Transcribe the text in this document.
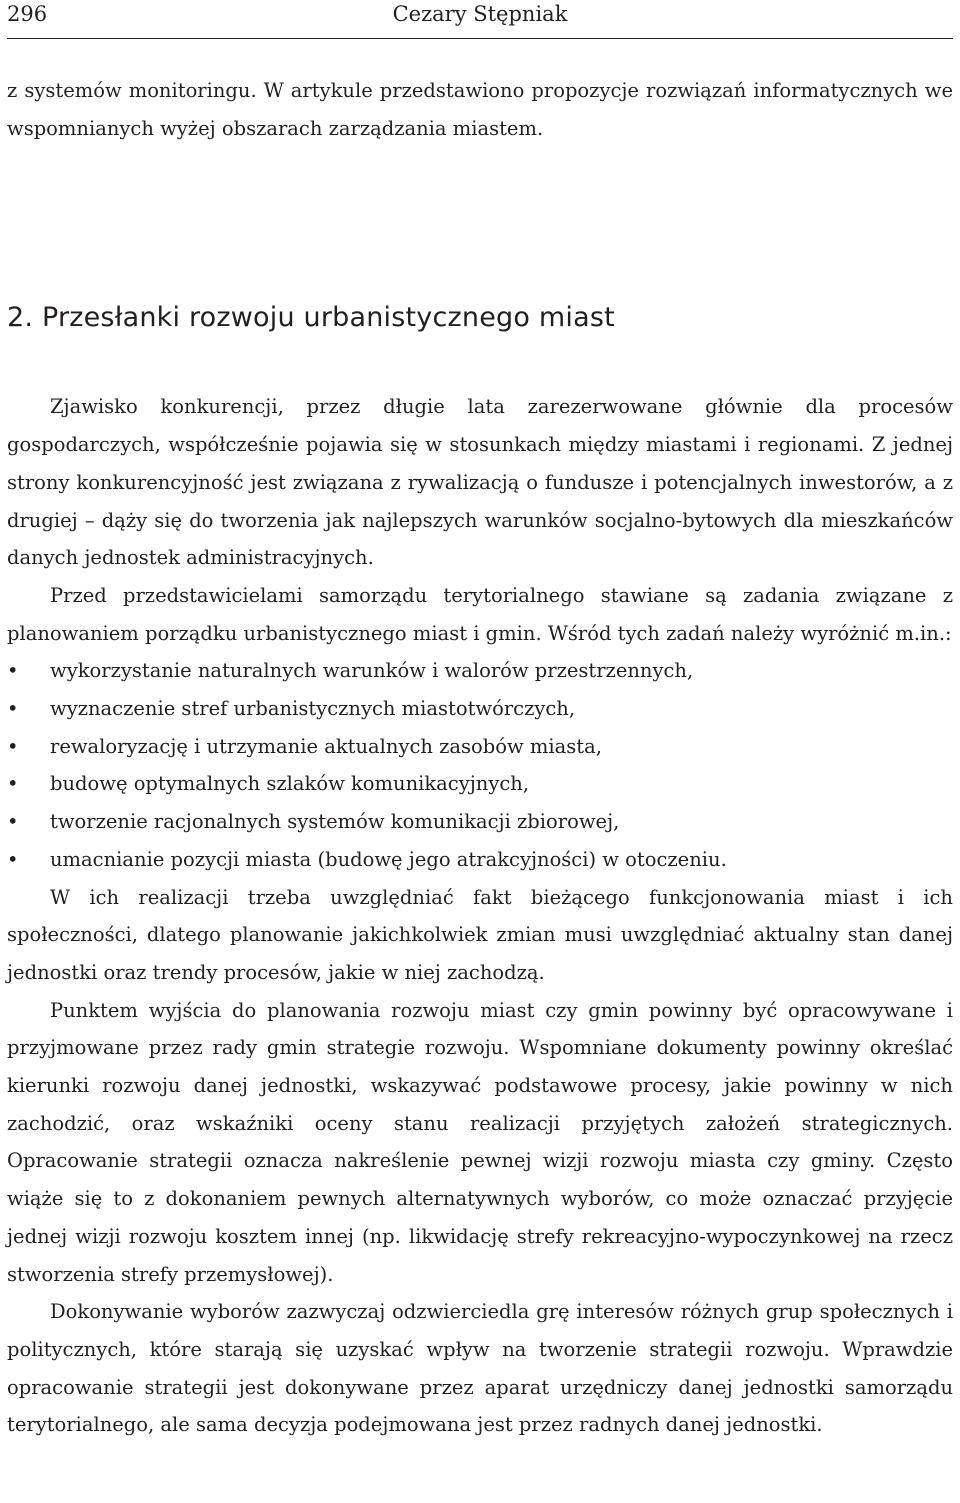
296	Cezary Stępniak

z systemów monitoringu. W artykule przedstawiono propozycje rozwiązań informatycznych we wspomnianych wyżej obszarach zarządzania miastem.

2. Przesłanki rozwoju urbanistycznego miast

Zjawisko konkurencji, przez długie lata zarezerwowane głównie dla procesów gospodarczych, współcześnie pojawia się w stosunkach między miastami i regionami. Z jednej strony konkurencyjność jest związana z rywalizacją o fundusze i potencjalnych inwestorów, a z drugiej – dąży się do tworzenia jak najlepszych warunków socjalno-bytowych dla mieszkańców danych jednostek administracyjnych.

Przed przedstawicielami samorządu terytorialnego stawiane są zadania związane z planowaniem porządku urbanistycznego miast i gmin. Wśród tych zadań należy wyróżnić m.in.:

• wykorzystanie naturalnych warunków i walorów przestrzennych,
• wyznaczenie stref urbanistycznych miastotwórczych,
• rewaloryzację i utrzymanie aktualnych zasobów miasta,
• budowę optymalnych szlaków komunikacyjnych,
• tworzenie racjonalnych systemów komunikacji zbiorowej,
• umacnianie pozycji miasta (budowę jego atrakcyjności) w otoczeniu.

W ich realizacji trzeba uwzględniać fakt bieżącego funkcjonowania miast i ich społeczności, dlatego planowanie jakichkolwiek zmian musi uwzględniać aktualny stan danej jednostki oraz trendy procesów, jakie w niej zachodzą.

Punktem wyjścia do planowania rozwoju miast czy gmin powinny być opracowywane i przyjmowane przez rady gmin strategie rozwoju. Wspomniane dokumenty powinny określać kierunki rozwoju danej jednostki, wskazywać podstawowe procesy, jakie powinny w nich zachodzić, oraz wskaźniki oceny stanu realizacji przyjętych założeń strategicznych. Opracowanie strategii oznacza nakreślenie pewnej wizji rozwoju miasta czy gminy. Często wiąże się to z dokonaniem pewnych alternatywnych wyborów, co może oznaczać przyjęcie jednej wizji rozwoju kosztem innej (np. likwidację strefy rekreacyjno-wypoczynkowej na rzecz stworzenia strefy przemysłowej).

Dokonywanie wyborów zazwyczaj odzwierciedla grę interesów różnych grup społecznych i politycznych, które starają się uzyskać wpływ na tworzenie strategii rozwoju. Wprawdzie opracowanie strategii jest dokonywane przez aparat urzędniczy danej jednostki samorządu terytorialnego, ale sama decyzja podejmowana jest przez radnych danej jednostki.
